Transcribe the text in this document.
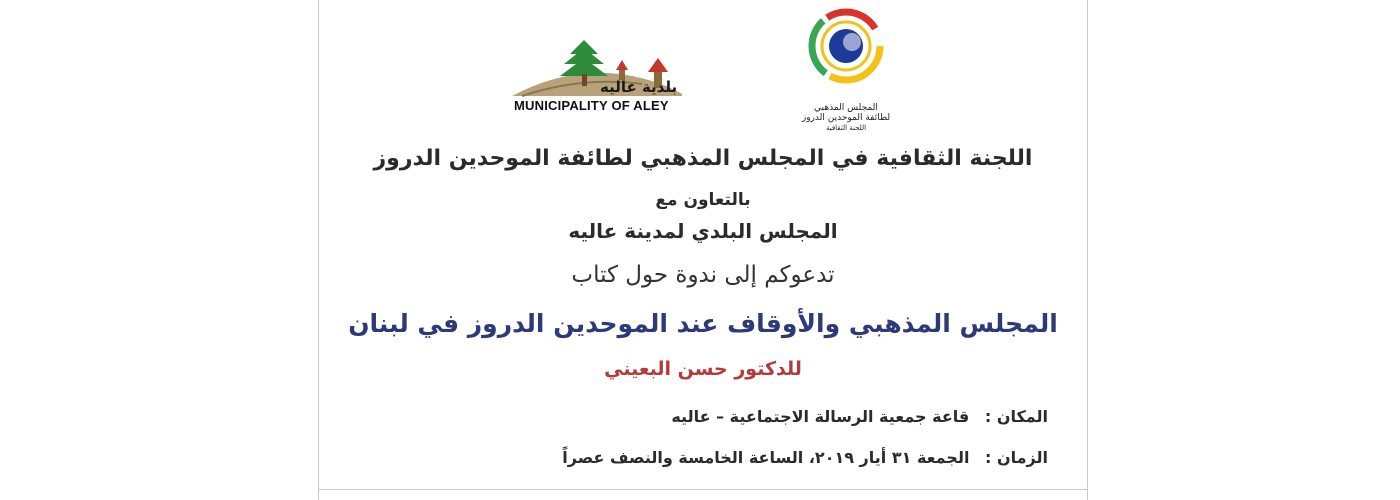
بلدية عاليه
MUNICIPALITY OF ALEY	المجلس المذهبي
لطائفة الموحدين الدروز
اللجنة الثقافية
اللجنة الثقافية في المجلس المذهبي لطائفة الموحدين الدروز
بالتعاون مع
المجلس البلدي لمدينة عاليه
تدعوكم إلى ندوة حول كتاب
المجلس المذهبي والأوقاف عند الموحدين الدروز في لبنان
للدكتور حسن البعيني
المكان : قاعة جمعية الرسالة الاجتماعية – عاليه
الزمان : الجمعة ٣١ أيار ٢٠١٩، الساعة الخامسة والنصف عصراً
